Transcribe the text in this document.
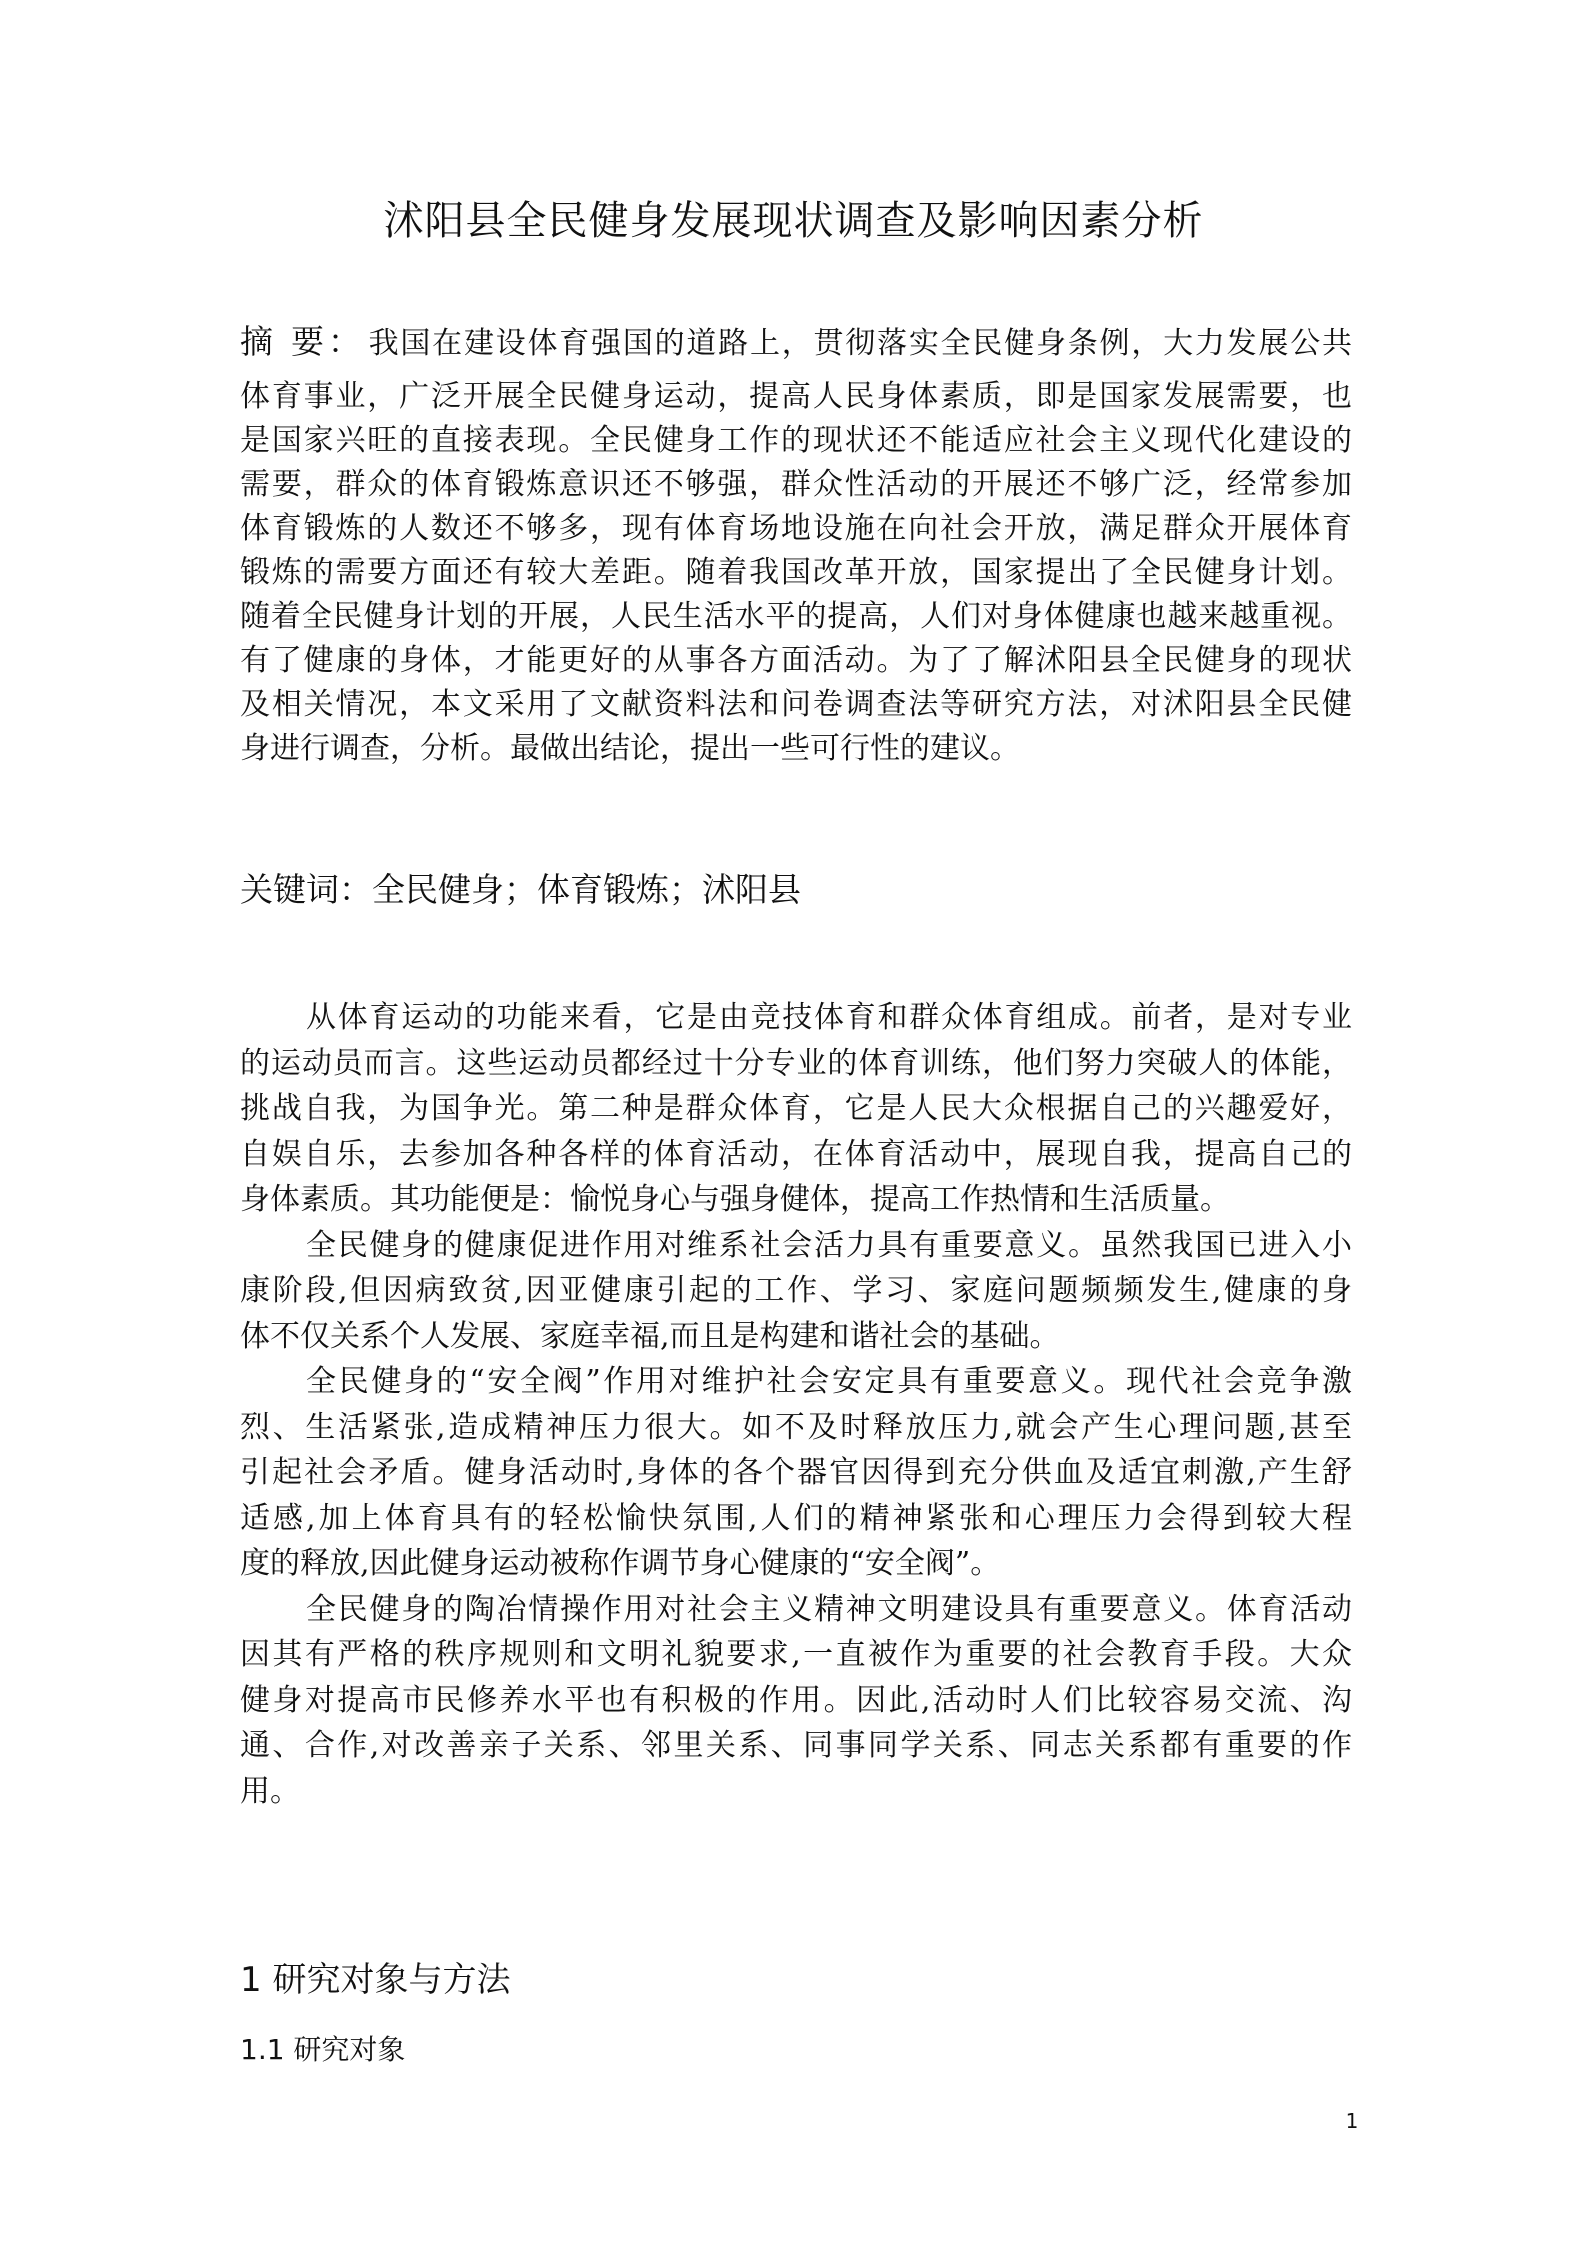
沭阳县全民健身发展现状调查及影响因素分析
摘 要： 我国在建设体育强国的道路上，贯彻落实全民健身条例，大力发展公共
体育事业，广泛开展全民健身运动，提高人民身体素质，即是国家发展需要，也
是国家兴旺的直接表现。全民健身工作的现状还不能适应社会主义现代化建设的
需要，群众的体育锻炼意识还不够强，群众性活动的开展还不够广泛，经常参加
体育锻炼的人数还不够多，现有体育场地设施在向社会开放，满足群众开展体育
锻炼的需要方面还有较大差距。随着我国改革开放，国家提出了全民健身计划。
随着全民健身计划的开展，人民生活水平的提高，人们对身体健康也越来越重视。
有了健康的身体，才能更好的从事各方面活动。为了了解沭阳县全民健身的现状
及相关情况，本文采用了文献资料法和问卷调查法等研究方法，对沭阳县全民健
身进行调查，分析。最做出结论，提出一些可行性的建议。

关键词：全民健身；体育锻炼；沭阳县

从体育运动的功能来看，它是由竞技体育和群众体育组成。前者，是对专业
的运动员而言。这些运动员都经过十分专业的体育训练，他们努力突破人的体能，
挑战自我，为国争光。第二种是群众体育，它是人民大众根据自己的兴趣爱好，
自娱自乐，去参加各种各样的体育活动，在体育活动中，展现自我，提高自己的
身体素质。其功能便是：愉悦身心与强身健体，提高工作热情和生活质量。
全民健身的健康促进作用对维系社会活力具有重要意义。虽然我国已进入小
康阶段,但因病致贫,因亚健康引起的工作、学习、家庭问题频频发生,健康的身
体不仅关系个人发展、家庭幸福,而且是构建和谐社会的基础。
全民健身的“安全阀”作用对维护社会安定具有重要意义。现代社会竞争激
烈、生活紧张,造成精神压力很大。如不及时释放压力,就会产生心理问题,甚至
引起社会矛盾。健身活动时,身体的各个器官因得到充分供血及适宜刺激,产生舒
适感,加上体育具有的轻松愉快氛围,人们的精神紧张和心理压力会得到较大程
度的释放,因此健身运动被称作调节身心健康的“安全阀”。
全民健身的陶冶情操作用对社会主义精神文明建设具有重要意义。体育活动
因其有严格的秩序规则和文明礼貌要求,一直被作为重要的社会教育手段。大众
健身对提高市民修养水平也有积极的作用。因此,活动时人们比较容易交流、沟
通、合作,对改善亲子关系、邻里关系、同事同学关系、同志关系都有重要的作
用。
1 研究对象与方法
1.1 研究对象

1
